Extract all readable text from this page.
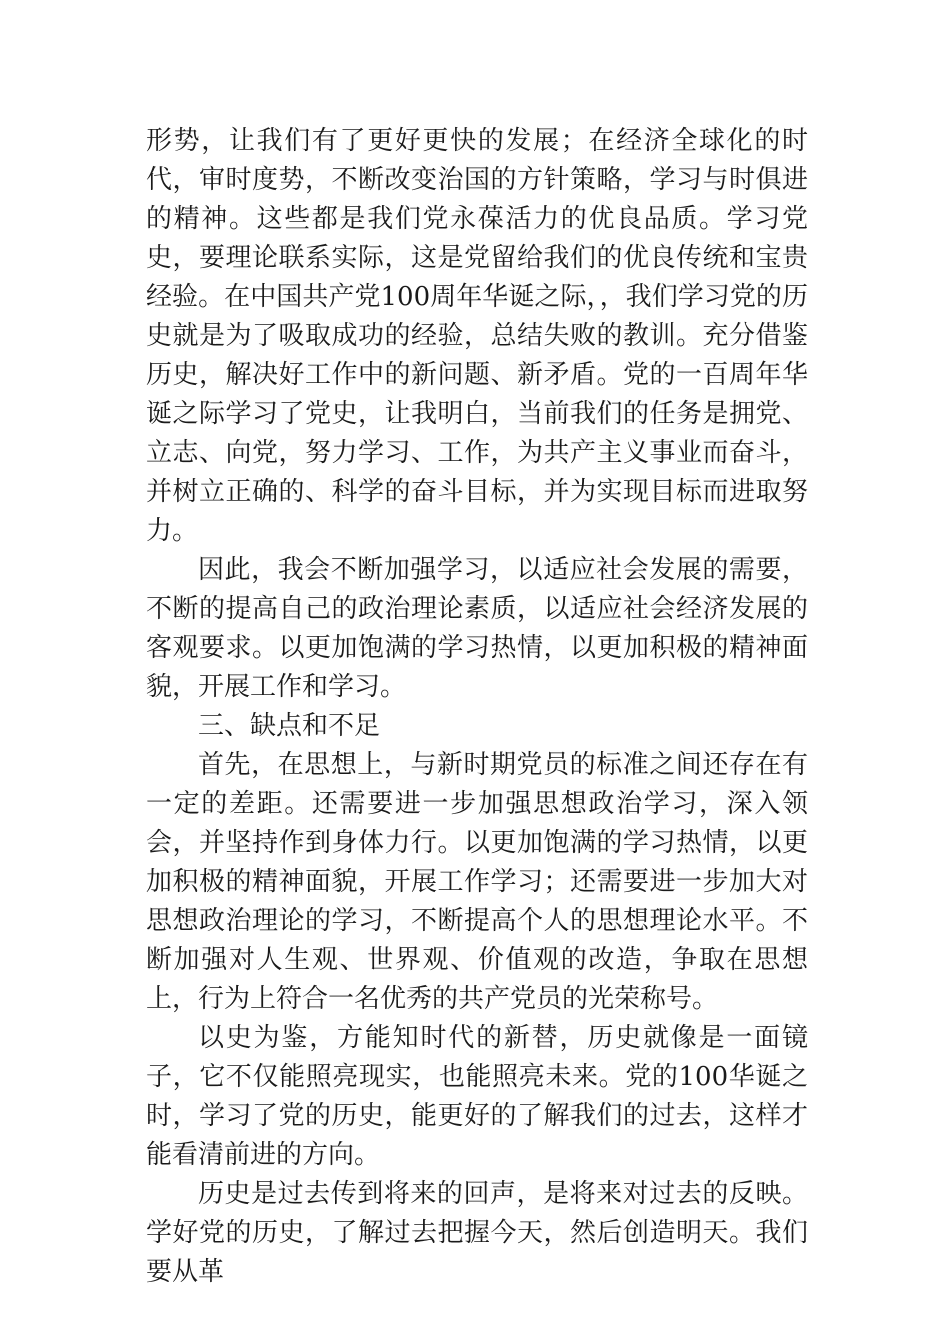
形势，让我们有了更好更快的发展；在经济全球化的时代，审时度势，不断改变治国的方针策略，学习与时俱进的精神。这些都是我们党永葆活力的优良品质。学习党史，要理论联系实际，这是党留给我们的优良传统和宝贵经验。在中国共产党100周年华诞之际，，我们学习党的历史就是为了吸取成功的经验，总结失败的教训。充分借鉴历史，解决好工作中的新问题、新矛盾。党的一百周年华诞之际学习了党史，让我明白，当前我们的任务是拥党、立志、向党，努力学习、工作，为共产主义事业而奋斗，并树立正确的、科学的奋斗目标，并为实现目标而进取努力。

因此，我会不断加强学习，以适应社会发展的需要，不断的提高自己的政治理论素质，以适应社会经济发展的客观要求。以更加饱满的学习热情，以更加积极的精神面貌，开展工作和学习。

三、缺点和不足

首先，在思想上，与新时期党员的标准之间还存在有一定的差距。还需要进一步加强思想政治学习，深入领会，并坚持作到身体力行。以更加饱满的学习热情，以更加积极的精神面貌，开展工作学习；还需要进一步加大对思想政治理论的学习，不断提高个人的思想理论水平。不断加强对人生观、世界观、价值观的改造，争取在思想上，行为上符合一名优秀的共产党员的光荣称号。

以史为鉴，方能知时代的新替，历史就像是一面镜子，它不仅能照亮现实，也能照亮未来。党的100华诞之时，学习了党的历史，能更好的了解我们的过去，这样才能看清前进的方向。

历史是过去传到将来的回声，是将来对过去的反映。学好党的历史，了解过去把握今天，然后创造明天。我们要从革
